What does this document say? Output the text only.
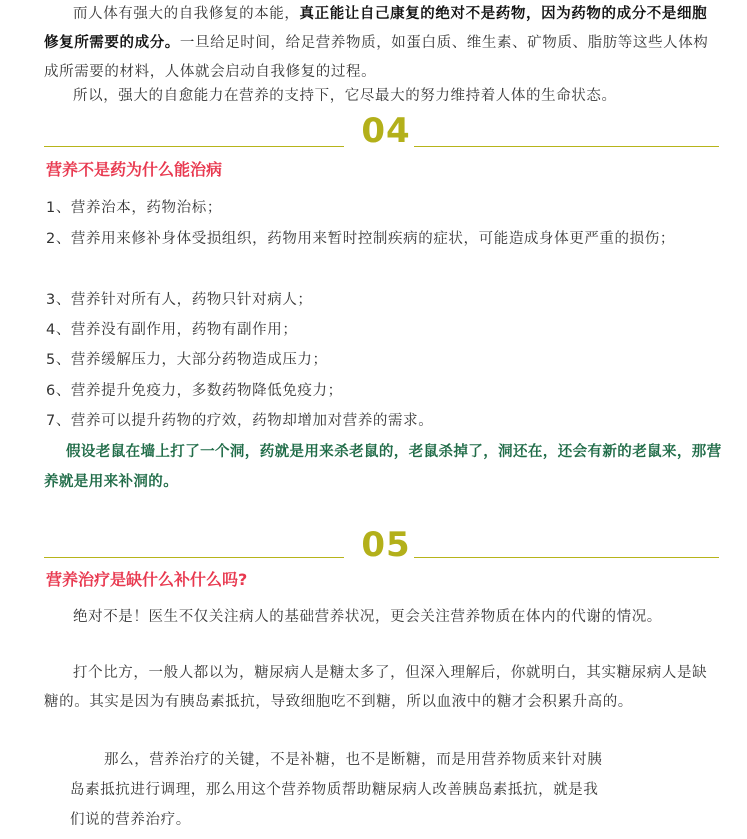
而人体有强大的自我修复的本能，真正能让自己康复的绝对不是药物，因为药物的成分不是细胞修复所需要的成分。一旦给足时间，给足营养物质，如蛋白质、维生素、矿物质、脂肪等这些人体构成所需要的材料，人体就会启动自我修复的过程。

所以，强大的自愈能力在营养的支持下，它尽最大的努力维持着人体的生命状态。

04
营养不是药为什么能治病

1、营养治本，药物治标；

2、营养用来修补身体受损组织，药物用来暂时控制疾病的症状，可能造成身体更严重的损伤；

3、营养针对所有人，药物只针对病人；

4、营养没有副作用，药物有副作用；

5、营养缓解压力，大部分药物造成压力；

6、营养提升免疫力，多数药物降低免疫力；

7、营养可以提升药物的疗效，药物却增加对营养的需求。

假设老鼠在墙上打了一个洞，药就是用来杀老鼠的，老鼠杀掉了，洞还在，还会有新的老鼠来，那营养就是用来补洞的。

05
营养治疗是缺什么补什么吗?

绝对不是！医生不仅关注病人的基础营养状况，更会关注营养物质在体内的代谢的情况。

打个比方，一般人都以为，糖尿病人是糖太多了，但深入理解后，你就明白，其实糖尿病人是缺糖的。其实是因为有胰岛素抵抗，导致细胞吃不到糖，所以血液中的糖才会积累升高的。

那么，营养治疗的关键，不是补糖，也不是断糖，而是用营养物质来针对胰

岛素抵抗进行调理，那么用这个营养物质帮助糖尿病人改善胰岛素抵抗，就是我

们说的营养治疗。
